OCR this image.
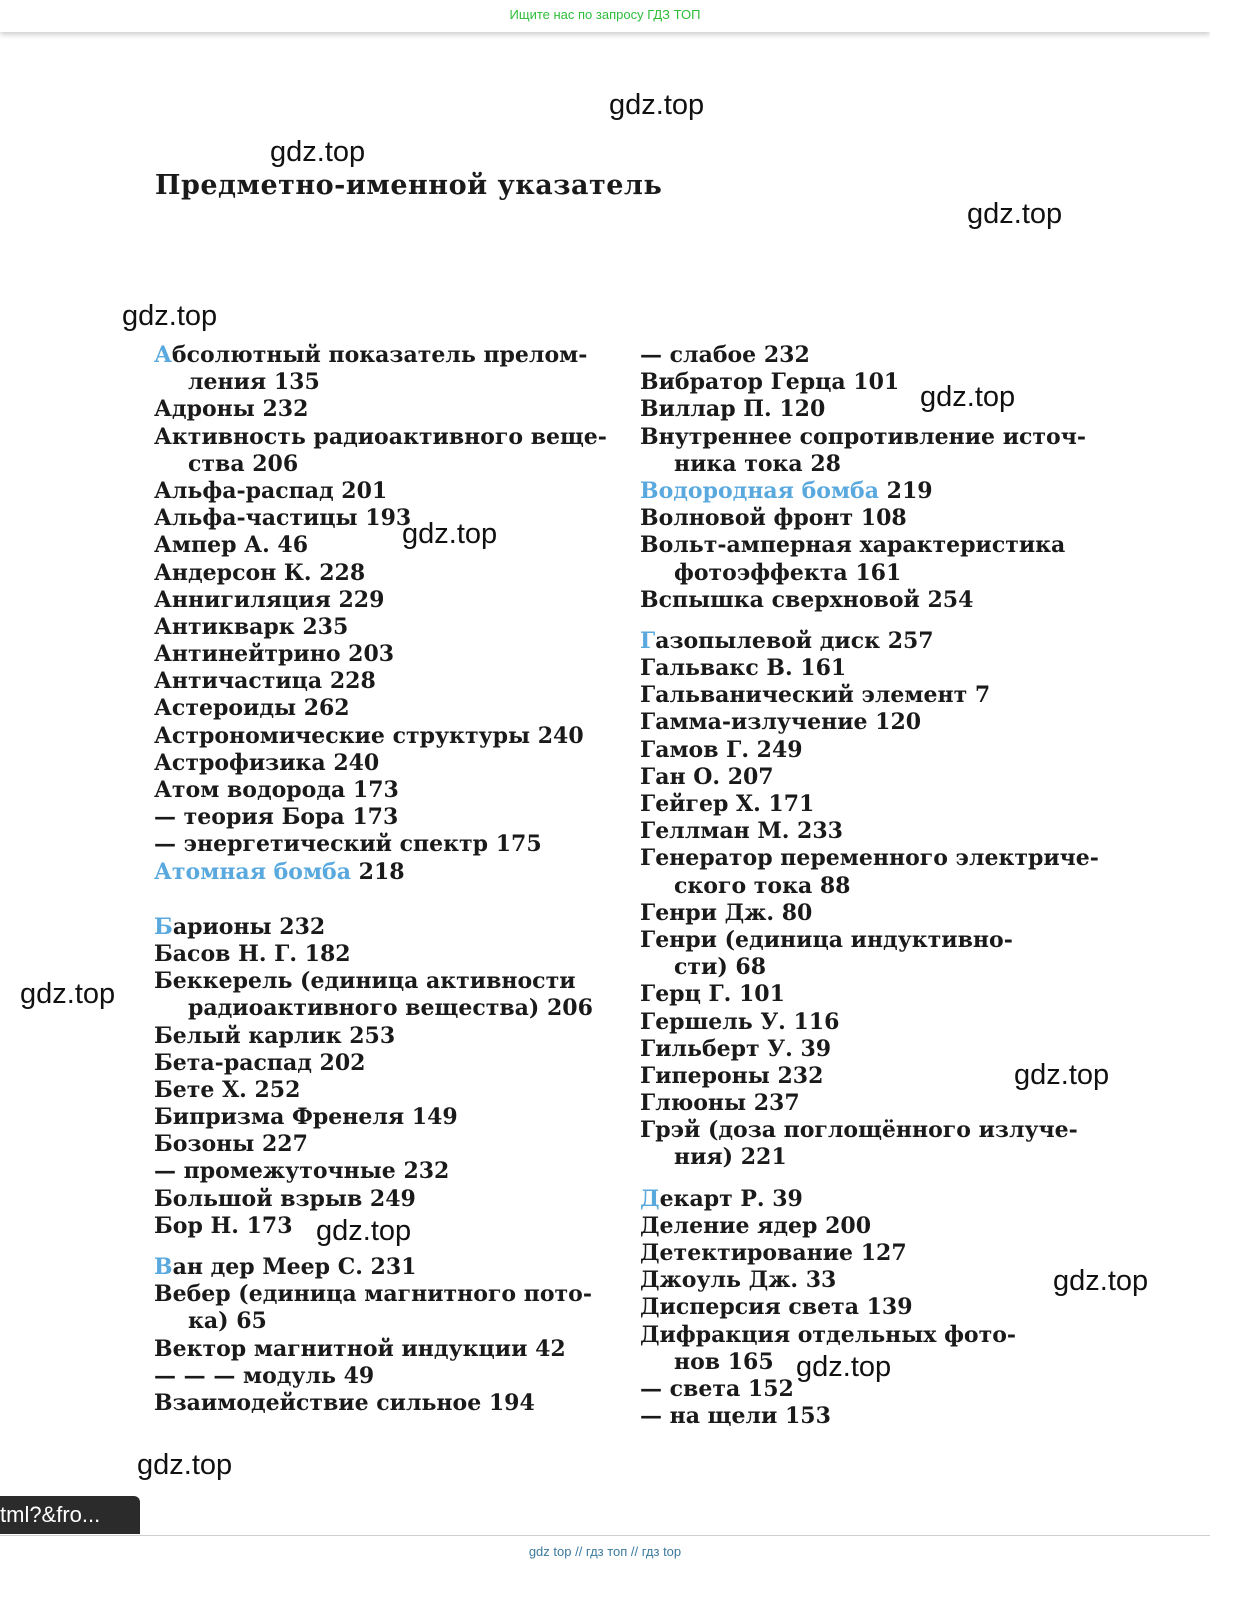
Ищите нас по запросу ГДЗ ТОП
Предметно-именной указатель
Абсолютный показатель прелом-
ления 135
Адроны 232
Активность радиоактивного веще-
ства 206
Альфа-распад 201
Альфа-частицы 193
Ампер А. 46
Андерсон К. 228
Аннигиляция 229
Антикварк 235
Антинейтрино 203
Античастица 228
Астероиды 262
Астрономические структуры 240
Астрофизика 240
Атом водорода 173
— теория Бора 173
— энергетический спектр 175
Атомная бомба 218
Барионы 232
Басов Н. Г. 182
Беккерель (единица активности
радиоактивного вещества) 206
Белый карлик 253
Бета-распад 202
Бете Х. 252
Бипризма Френеля 149
Бозоны 227
— промежуточные 232
Большой взрыв 249
Бор Н. 173
Ван дер Меер С. 231
Вебер (единица магнитного пото-
ка) 65
Вектор магнитной индукции 42
— — — модуль 49
Взаимодействие сильное 194
— слабое 232
Вибратор Герца 101
Виллар П. 120
Внутреннее сопротивление источ-
ника тока 28
Водородная бомба 219
Волновой фронт 108
Вольт-амперная характеристика
фотоэффекта 161
Вспышка сверхновой 254
Газопылевой диск 257
Гальвакс В. 161
Гальванический элемент 7
Гамма-излучение 120
Гамов Г. 249
Ган О. 207
Гейгер Х. 171
Геллман М. 233
Генератор переменного электриче-
ского тока 88
Генри Дж. 80
Генри (единица индуктивно-
сти) 68
Герц Г. 101
Гершель У. 116
Гильберт У. 39
Гипероны 232
Глюоны 237
Грэй (доза поглощённого излуче-
ния) 221
Декарт Р. 39
Деление ядер 200
Детектирование 127
Джоуль Дж. 33
Дисперсия света 139
Дифракция отдельных фото-
нов 165
— света 152
— на щели 153
gdz.top
gdz.top
gdz.top
gdz.top
gdz.top
gdz.top
gdz.top
gdz.top
gdz.top
gdz.top
gdz.top
gdz.top
tml?&fro...
gdz top // гдз топ // гдз top
